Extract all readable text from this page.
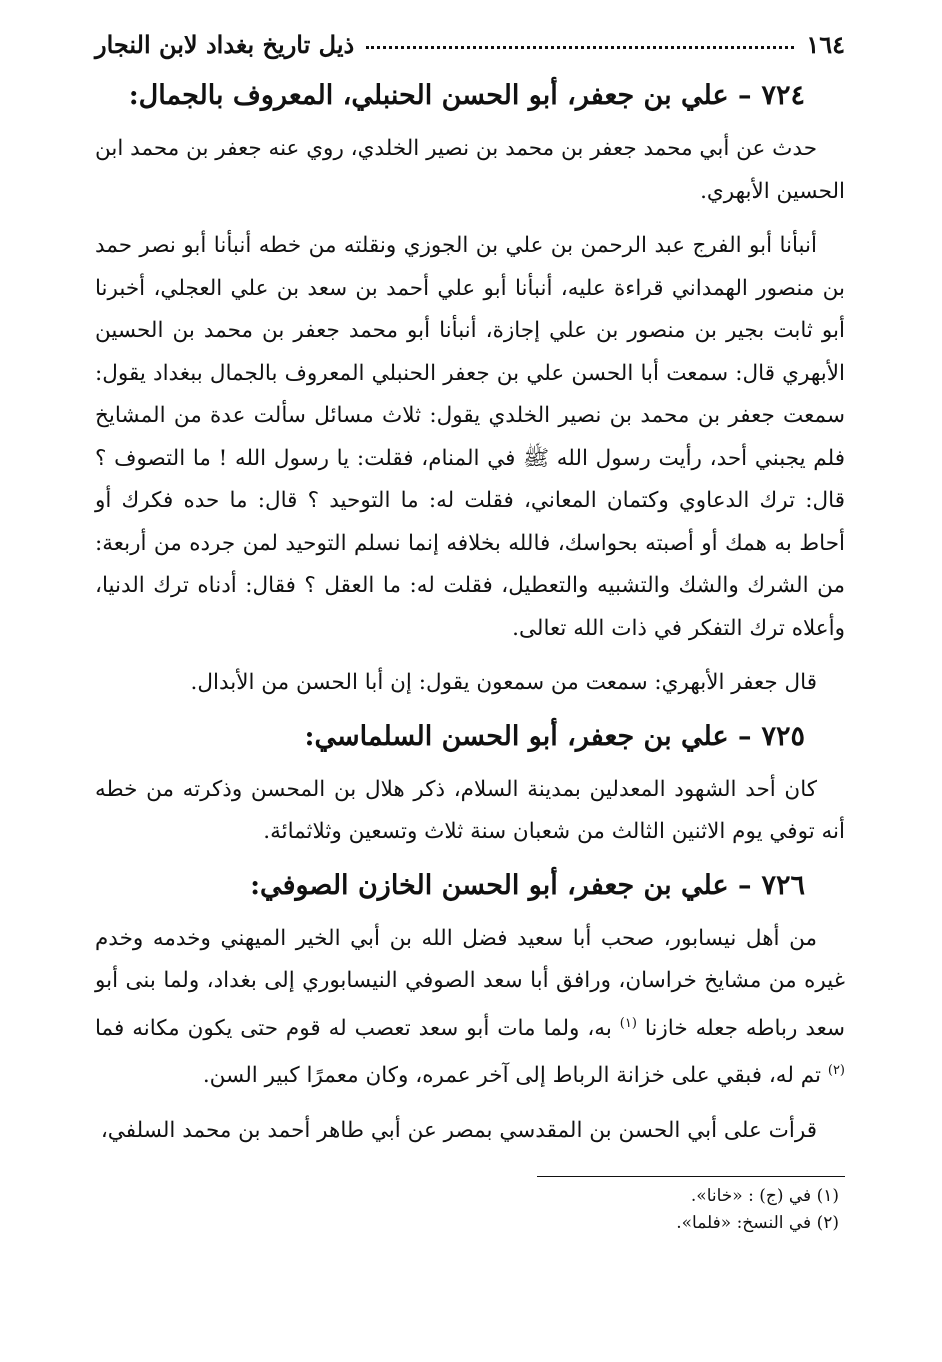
١٦٤
ذيل تاريخ بغداد لابن النجار
٧٢٤– علي بن جعفر، أبو الحسن الحنبلي، المعروف بالجمال:

حدث عن أبي محمد جعفر بن محمد بن نصير الخلدي، روي عنه جعفر بن محمد ابن الحسين الأبهري.

أنبأنا أبو الفرج عبد الرحمن بن علي بن الجوزي ونقلته من خطه أنبأنا أبو نصر حمد بن منصور الهمداني قراءة عليه، أنبأنا أبو علي أحمد بن سعد بن علي العجلي، أخبرنا أبو ثابت بجير بن منصور بن علي إجازة، أنبأنا أبو محمد جعفر بن محمد بن الحسين الأبهري قال: سمعت أبا الحسن علي بن جعفر الحنبلي المعروف بالجمال ببغداد يقول: سمعت جعفر بن محمد بن نصير الخلدي يقول: ثلاث مسائل سألت عدة من المشايخ فلم يجبني أحد، رأيت رسول الله ﷺ في المنام، فقلت: يا رسول الله ! ما التصوف ؟ قال: ترك الدعاوي وكتمان المعاني، فقلت له: ما التوحيد ؟ قال: ما حده فكرك أو أحاط به همك أو أصبته بحواسك، فالله بخلافه إنما نسلم التوحيد لمن جرده من أربعة: من الشرك والشك والتشبيه والتعطيل، فقلت له: ما العقل ؟ فقال: أدناه ترك الدنيا، وأعلاه ترك التفكر في ذات الله تعالى.

قال جعفر الأبهري: سمعت من سمعون يقول: إن أبا الحسن من الأبدال.

٧٢٥– علي بن جعفر، أبو الحسن السلماسي:

كان أحد الشهود المعدلين بمدينة السلام، ذكر هلال بن المحسن وذكرته من خطه أنه توفي يوم الاثنين الثالث من شعبان سنة ثلاث وتسعين وثلاثمائة.

٧٢٦– علي بن جعفر، أبو الحسن الخازن الصوفي:

من أهل نيسابور، صحب أبا سعيد فضل الله بن أبي الخير الميهني وخدمه وخدم غيره من مشايخ خراسان، ورافق أبا سعد الصوفي النيسابوري إلى بغداد، ولما بنى أبو سعد رباطه جعله خازنا $^{(١)}$ به، ولما مات أبو سعد تعصب له قوم حتى يكون مكانه فما $^{(٢)}$ تم له، فبقي على خزانة الرباط إلى آخر عمره، وكان معمرًا كبير السن.

قرأت على أبي الحسن بن المقدسي بمصر عن أبي طاهر أحمد بن محمد السلفي،

(١) في (ج) : «خانا».
(٢) في النسخ: «فلما».
